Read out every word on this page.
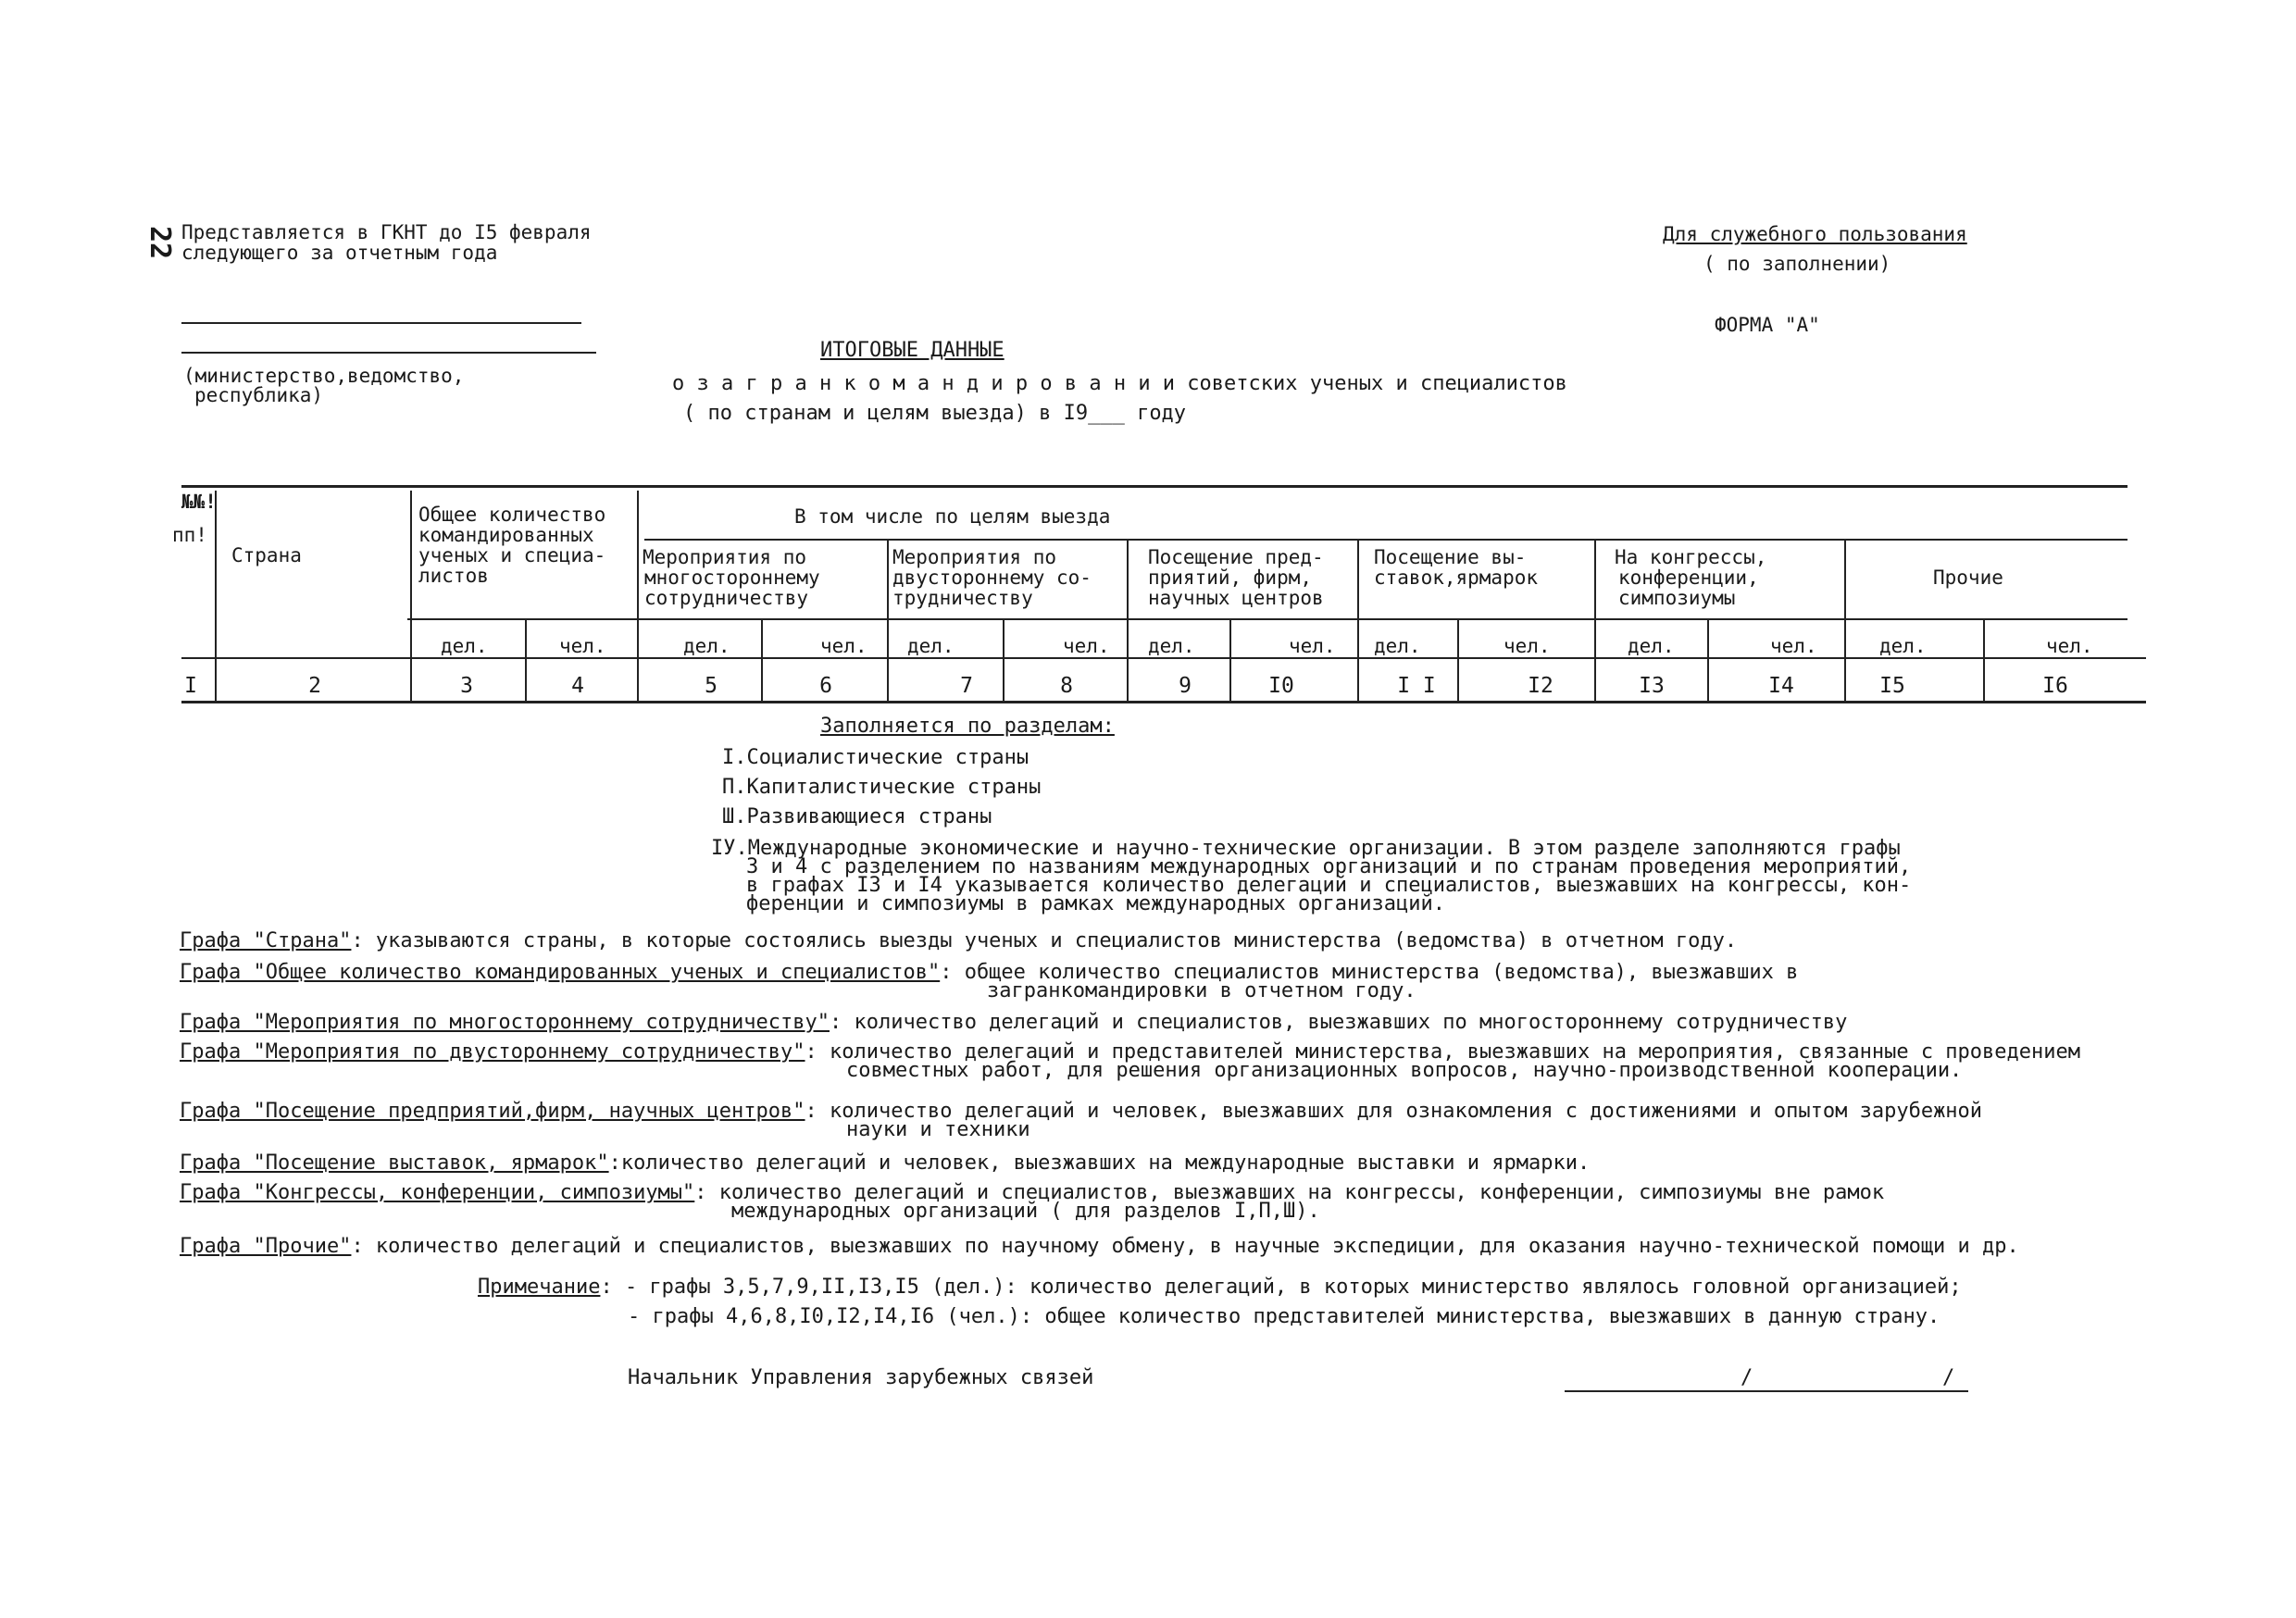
22 Представляется в ГКНТ до I5 февраля
следующего за отчетным года
Для служебного пользования
( по заполнении)
ФОРМА "А"
(министерство,ведомство,
республика)
ИТОГОВЫЕ ДАННЫЕ
о з а г р а н к о м а н д и р о в а н и и советских ученых и специалистов
( по странам и целям выезда) в I9___ году
№№!
пп!
Страна
Общее количество
командированных
ученых и специа-
листов
В том числе по целям выезда
Мероприятия по
многостороннему
сотрудничеству
Мероприятия по
двустороннему со-
трудничеству
Посещение пред-
приятий, фирм,
научных центров
Посещение вы-
ставок,ярмарок
На конгрессы,
конференции,
симпозиумы
Прочие
дел.	чел.	дел.	чел. дел.	чел. дел.	чел. дел.	чел.	дел.	чел.	дел.	чел.
I	2	3	4	5	6	7	8	9	I0	I I	I2	I3	I4	I5	I6
Заполняется по разделам:
I.Социалистические страны
П.Капиталистические страны
Ш.Развивающиеся страны
IУ.Международные экономические и научно-технические организации. В этом разделе заполняются графы
3 и 4 с разделением по названиям международных организаций и по странам проведения мероприятий,
в графах I3 и I4 указывается количество делегаций и специалистов, выезжавших на конгрессы, кон-
ференции и симпозиумы в рамках международных организаций.
Графа "Страна": указываются страны, в которые состоялись выезды ученых и специалистов министерства (ведомства) в отчетном году.
Графа "Общее количество командированных ученых и специалистов": общее количество специалистов министерства (ведомства), выезжавших в
загранкомандировки в отчетном году.
Графа "Мероприятия по многостороннему сотрудничеству": количество делегаций и специалистов, выезжавших по многостороннему сотрудничеству
Графа "Мероприятия по двустороннему сотрудничеству": количество делегаций и представителей министерства, выезжавших на мероприятия, связанные с проведением
совместных работ, для решения организационных вопросов, научно-производственной кооперации.
Графа "Посещение предприятий,фирм, научных центров": количество делегаций и человек, выезжавших для ознакомления с достижениями и опытом зарубежной
науки и техники
Графа "Посещение выставок, ярмарок":количество делегаций и человек, выезжавших на международные выставки и ярмарки.
Графа "Конгрессы, конференции, симпозиумы": количество делегаций и специалистов, выезжавших на конгрессы, конференции, симпозиумы вне рамок
международных организаций ( для разделов I,П,Ш).
Графа "Прочие": количество делегаций и специалистов, выезжавших по научному обмену, в научные экспедиции, для оказания научно-технической помощи и др.
Примечание: - графы 3,5,7,9,II,I3,I5 (дел.): количество делегаций, в которых министерство являлось головной организацией;
- графы 4,6,8,I0,I2,I4,I6 (чел.): общее количество представителей министерства, выезжавших в данную страну.
Начальник Управления зарубежных связей	/	/
